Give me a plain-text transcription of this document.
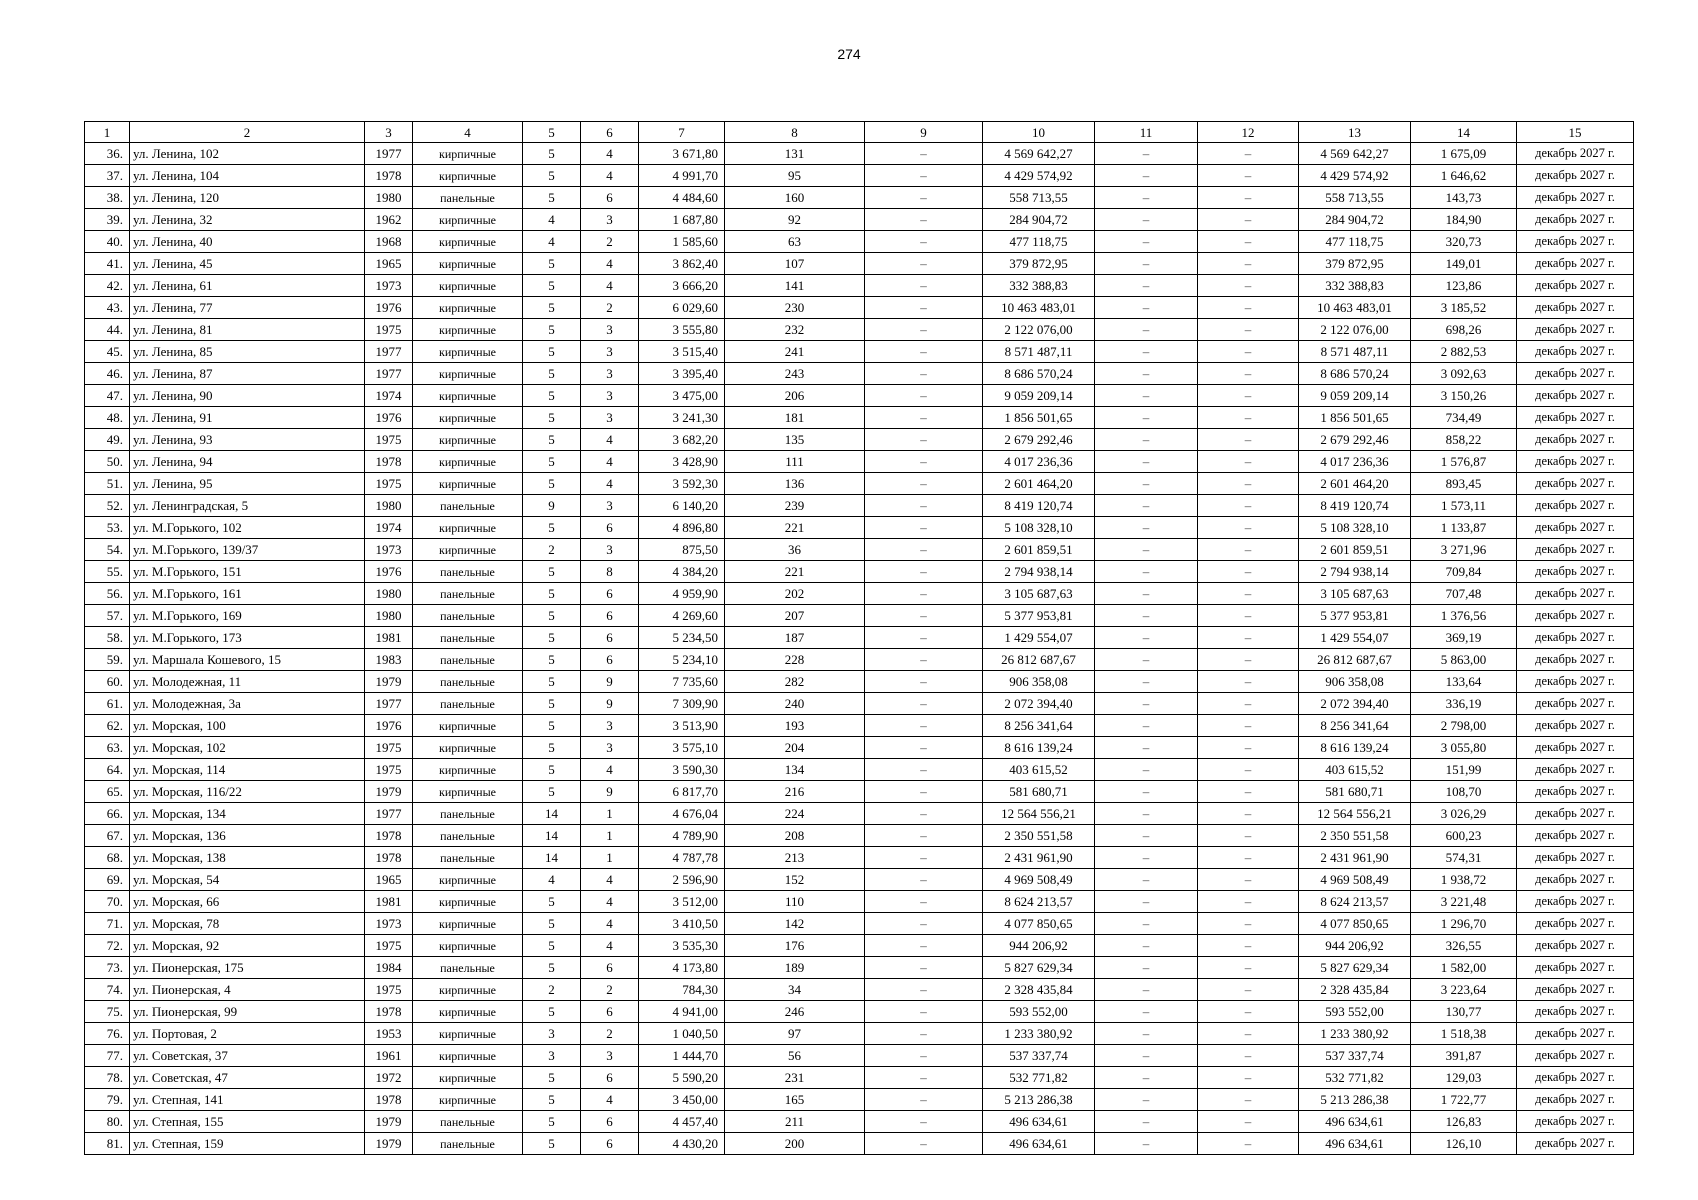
274
1	2	3	4	5	6	7	8	9	10	11	12	13	14	15
36.	ул. Ленина, 102	1977	кирпичные	5	4	3 671,80	131	–	4 569 642,27	–	–	4 569 642,27	1 675,09	декабрь 2027 г.
37.	ул. Ленина, 104	1978	кирпичные	5	4	4 991,70	95	–	4 429 574,92	–	–	4 429 574,92	1 646,62	декабрь 2027 г.
38.	ул. Ленина, 120	1980	панельные	5	6	4 484,60	160	–	558 713,55	–	–	558 713,55	143,73	декабрь 2027 г.
39.	ул. Ленина, 32	1962	кирпичные	4	3	1 687,80	92	–	284 904,72	–	–	284 904,72	184,90	декабрь 2027 г.
40.	ул. Ленина, 40	1968	кирпичные	4	2	1 585,60	63	–	477 118,75	–	–	477 118,75	320,73	декабрь 2027 г.
41.	ул. Ленина, 45	1965	кирпичные	5	4	3 862,40	107	–	379 872,95	–	–	379 872,95	149,01	декабрь 2027 г.
42.	ул. Ленина, 61	1973	кирпичные	5	4	3 666,20	141	–	332 388,83	–	–	332 388,83	123,86	декабрь 2027 г.
43.	ул. Ленина, 77	1976	кирпичные	5	2	6 029,60	230	–	10 463 483,01	–	–	10 463 483,01	3 185,52	декабрь 2027 г.
44.	ул. Ленина, 81	1975	кирпичные	5	3	3 555,80	232	–	2 122 076,00	–	–	2 122 076,00	698,26	декабрь 2027 г.
45.	ул. Ленина, 85	1977	кирпичные	5	3	3 515,40	241	–	8 571 487,11	–	–	8 571 487,11	2 882,53	декабрь 2027 г.
46.	ул. Ленина, 87	1977	кирпичные	5	3	3 395,40	243	–	8 686 570,24	–	–	8 686 570,24	3 092,63	декабрь 2027 г.
47.	ул. Ленина, 90	1974	кирпичные	5	3	3 475,00	206	–	9 059 209,14	–	–	9 059 209,14	3 150,26	декабрь 2027 г.
48.	ул. Ленина, 91	1976	кирпичные	5	3	3 241,30	181	–	1 856 501,65	–	–	1 856 501,65	734,49	декабрь 2027 г.
49.	ул. Ленина, 93	1975	кирпичные	5	4	3 682,20	135	–	2 679 292,46	–	–	2 679 292,46	858,22	декабрь 2027 г.
50.	ул. Ленина, 94	1978	кирпичные	5	4	3 428,90	111	–	4 017 236,36	–	–	4 017 236,36	1 576,87	декабрь 2027 г.
51.	ул. Ленина, 95	1975	кирпичные	5	4	3 592,30	136	–	2 601 464,20	–	–	2 601 464,20	893,45	декабрь 2027 г.
52.	ул. Ленинградская, 5	1980	панельные	9	3	6 140,20	239	–	8 419 120,74	–	–	8 419 120,74	1 573,11	декабрь 2027 г.
53.	ул. М.Горького, 102	1974	кирпичные	5	6	4 896,80	221	–	5 108 328,10	–	–	5 108 328,10	1 133,87	декабрь 2027 г.
54.	ул. М.Горького, 139/37	1973	кирпичные	2	3	875,50	36	–	2 601 859,51	–	–	2 601 859,51	3 271,96	декабрь 2027 г.
55.	ул. М.Горького, 151	1976	панельные	5	8	4 384,20	221	–	2 794 938,14	–	–	2 794 938,14	709,84	декабрь 2027 г.
56.	ул. М.Горького, 161	1980	панельные	5	6	4 959,90	202	–	3 105 687,63	–	–	3 105 687,63	707,48	декабрь 2027 г.
57.	ул. М.Горького, 169	1980	панельные	5	6	4 269,60	207	–	5 377 953,81	–	–	5 377 953,81	1 376,56	декабрь 2027 г.
58.	ул. М.Горького, 173	1981	панельные	5	6	5 234,50	187	–	1 429 554,07	–	–	1 429 554,07	369,19	декабрь 2027 г.
59.	ул. Маршала Кошевого, 15	1983	панельные	5	6	5 234,10	228	–	26 812 687,67	–	–	26 812 687,67	5 863,00	декабрь 2027 г.
60.	ул. Молодежная, 11	1979	панельные	5	9	7 735,60	282	–	906 358,08	–	–	906 358,08	133,64	декабрь 2027 г.
61.	ул. Молодежная, 3а	1977	панельные	5	9	7 309,90	240	–	2 072 394,40	–	–	2 072 394,40	336,19	декабрь 2027 г.
62.	ул. Морская, 100	1976	кирпичные	5	3	3 513,90	193	–	8 256 341,64	–	–	8 256 341,64	2 798,00	декабрь 2027 г.
63.	ул. Морская, 102	1975	кирпичные	5	3	3 575,10	204	–	8 616 139,24	–	–	8 616 139,24	3 055,80	декабрь 2027 г.
64.	ул. Морская, 114	1975	кирпичные	5	4	3 590,30	134	–	403 615,52	–	–	403 615,52	151,99	декабрь 2027 г.
65.	ул. Морская, 116/22	1979	кирпичные	5	9	6 817,70	216	–	581 680,71	–	–	581 680,71	108,70	декабрь 2027 г.
66.	ул. Морская, 134	1977	панельные	14	1	4 676,04	224	–	12 564 556,21	–	–	12 564 556,21	3 026,29	декабрь 2027 г.
67.	ул. Морская, 136	1978	панельные	14	1	4 789,90	208	–	2 350 551,58	–	–	2 350 551,58	600,23	декабрь 2027 г.
68.	ул. Морская, 138	1978	панельные	14	1	4 787,78	213	–	2 431 961,90	–	–	2 431 961,90	574,31	декабрь 2027 г.
69.	ул. Морская, 54	1965	кирпичные	4	4	2 596,90	152	–	4 969 508,49	–	–	4 969 508,49	1 938,72	декабрь 2027 г.
70.	ул. Морская, 66	1981	кирпичные	5	4	3 512,00	110	–	8 624 213,57	–	–	8 624 213,57	3 221,48	декабрь 2027 г.
71.	ул. Морская, 78	1973	кирпичные	5	4	3 410,50	142	–	4 077 850,65	–	–	4 077 850,65	1 296,70	декабрь 2027 г.
72.	ул. Морская, 92	1975	кирпичные	5	4	3 535,30	176	–	944 206,92	–	–	944 206,92	326,55	декабрь 2027 г.
73.	ул. Пионерская, 175	1984	панельные	5	6	4 173,80	189	–	5 827 629,34	–	–	5 827 629,34	1 582,00	декабрь 2027 г.
74.	ул. Пионерская, 4	1975	кирпичные	2	2	784,30	34	–	2 328 435,84	–	–	2 328 435,84	3 223,64	декабрь 2027 г.
75.	ул. Пионерская, 99	1978	кирпичные	5	6	4 941,00	246	–	593 552,00	–	–	593 552,00	130,77	декабрь 2027 г.
76.	ул. Портовая, 2	1953	кирпичные	3	2	1 040,50	97	–	1 233 380,92	–	–	1 233 380,92	1 518,38	декабрь 2027 г.
77.	ул. Советская, 37	1961	кирпичные	3	3	1 444,70	56	–	537 337,74	–	–	537 337,74	391,87	декабрь 2027 г.
78.	ул. Советская, 47	1972	кирпичные	5	6	5 590,20	231	–	532 771,82	–	–	532 771,82	129,03	декабрь 2027 г.
79.	ул. Степная, 141	1978	кирпичные	5	4	3 450,00	165	–	5 213 286,38	–	–	5 213 286,38	1 722,77	декабрь 2027 г.
80.	ул. Степная, 155	1979	панельные	5	6	4 457,40	211	–	496 634,61	–	–	496 634,61	126,83	декабрь 2027 г.
81.	ул. Степная, 159	1979	панельные	5	6	4 430,20	200	–	496 634,61	–	–	496 634,61	126,10	декабрь 2027 г.
